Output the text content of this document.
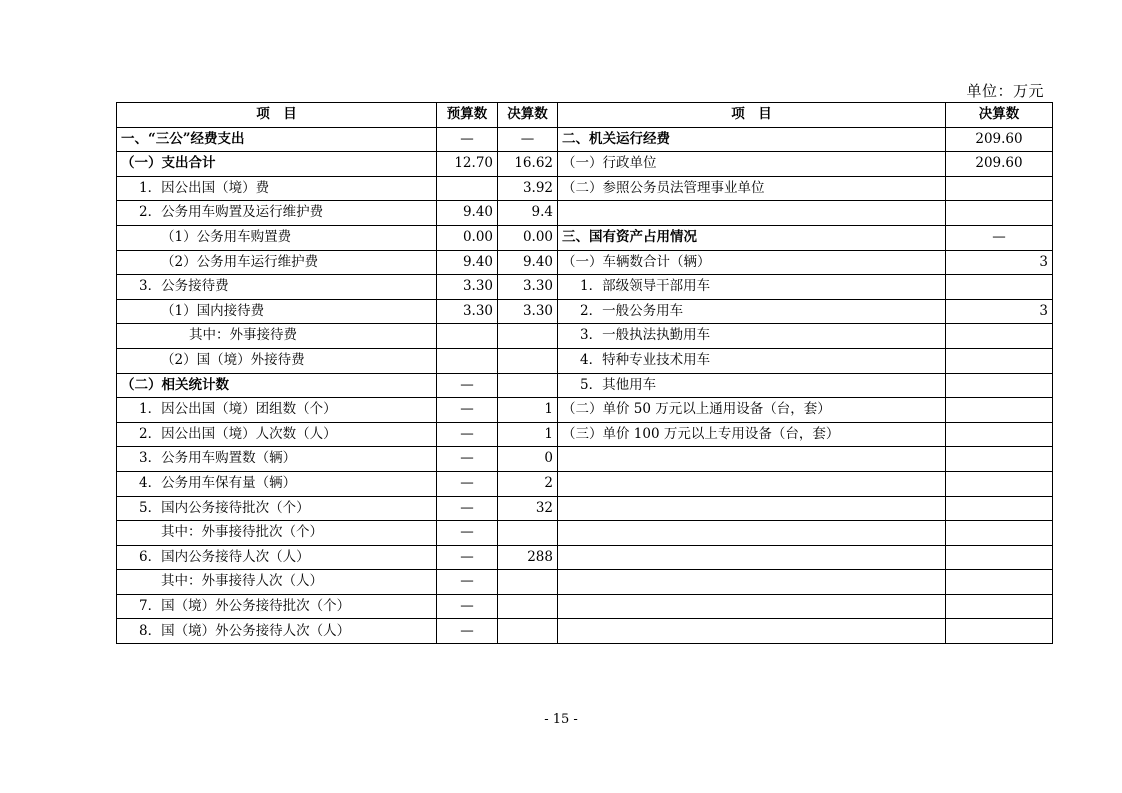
单位：万元
项　目	预算数	决算数	项　目	决算数
一、“三公”经费支出	—	—	二、机关运行经费	209.60
（一）支出合计	12.70	16.62	（一）行政单位	209.60
1．因公出国（境）费		3.92	（二）参照公务员法管理事业单位	
2．公务用车购置及运行维护费	9.40	9.4		
（1）公务用车购置费	0.00	0.00	三、国有资产占用情况	—
（2）公务用车运行维护费	9.40	9.40	（一）车辆数合计（辆）	3
3．公务接待费	3.30	3.30	1．部级领导干部用车	
（1）国内接待费	3.30	3.30	2．一般公务用车	3
其中：外事接待费			3．一般执法执勤用车	
（2）国（境）外接待费			4．特种专业技术用车	
（二）相关统计数	—		5．其他用车	
1．因公出国（境）团组数（个）	—	1	（二）单价 50 万元以上通用设备（台，套）	
2．因公出国（境）人次数（人）	—	1	（三）单价 100 万元以上专用设备（台，套）	
3．公务用车购置数（辆）	—	0		
4．公务用车保有量（辆）	—	2		
5．国内公务接待批次（个）	—	32		
其中：外事接待批次（个）	—			
6．国内公务接待人次（人）	—	288		
其中：外事接待人次（人）	—			
7．国（境）外公务接待批次（个）	—			
8．国（境）外公务接待人次（人）	—			
- 15 -
